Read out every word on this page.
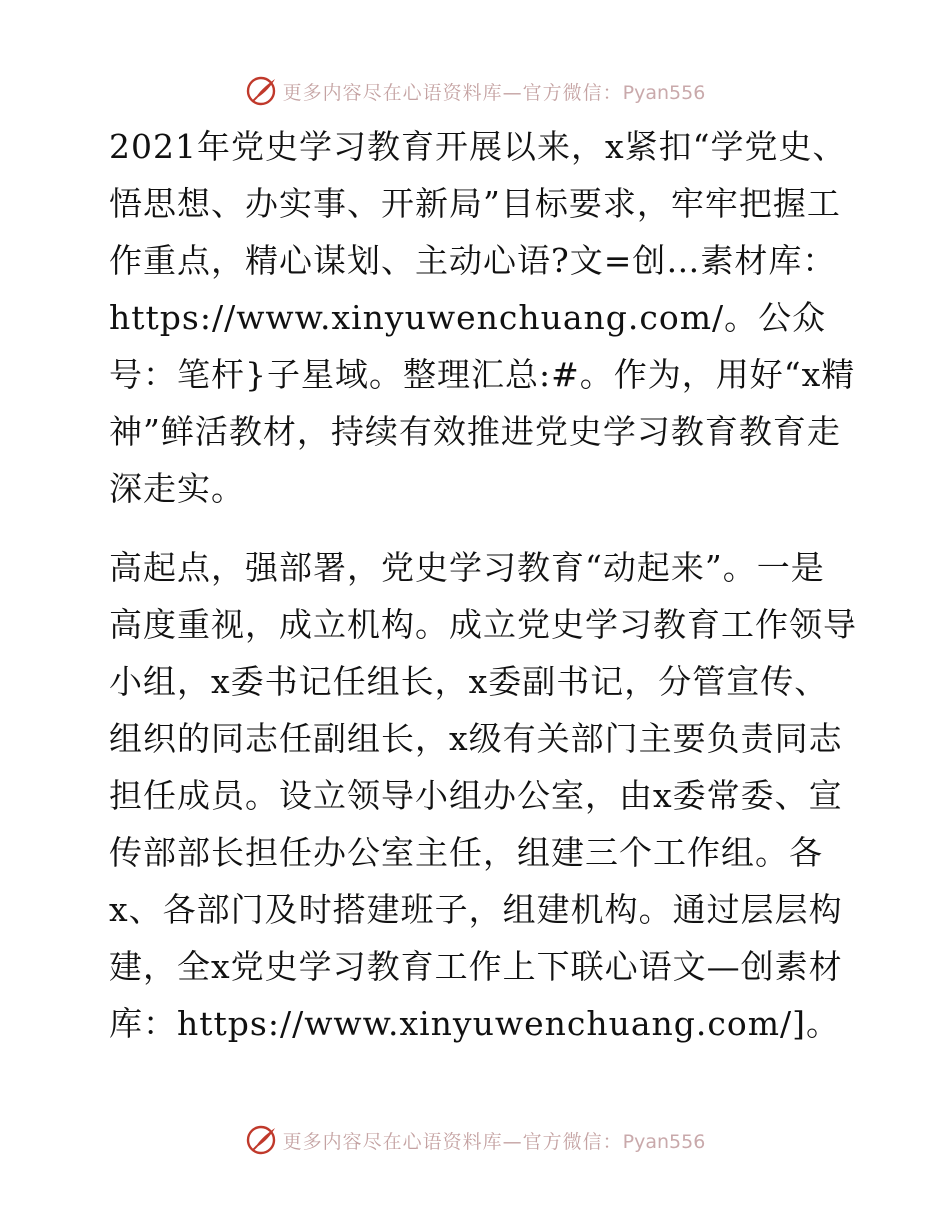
更多内容尽在心语资料库—官方微信：Pyan556

2021年党史学习教育开展以来，x紧扣“学党史、悟思想、办实事、开新局”目标要求，牢牢把握工作重点，精心谋划、主动心语?文=创…素材库：https://www.xinyuwenchuang.com/。公众号：笔杆}子星域。整理汇总:#。作为，用好“x精神”鲜活教材，持续有效推进党史学习教育教育走深走实。

高起点，强部署，党史学习教育“动起来”。一是高度重视，成立机构。成立党史学习教育工作领导小组，x委书记任组长，x委副书记，分管宣传、组织的同志任副组长，x级有关部门主要负责同志担任成员。设立领导小组办公室，由x委常委、宣传部部长担任办公室主任，组建三个工作组。各x、各部门及时搭建班子，组建机构。通过层层构建，全x党史学习教育工作上下联心语文—创素材库：https://www.xinyuwenchuang.com/]。

更多内容尽在心语资料库—官方微信：Pyan556
